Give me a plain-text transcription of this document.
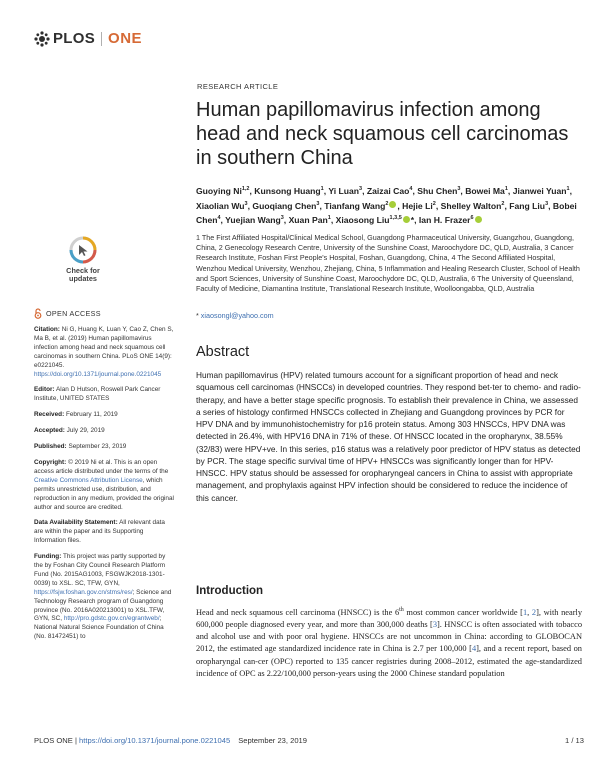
PLOS ONE
RESEARCH ARTICLE
Human papillomavirus infection among head and neck squamous cell carcinomas in southern China
Guoying Ni$^{1,2}$, Kunsong Huang$^1$, Yi Luan$^3$, Zaizai Cao$^4$, Shu Chen$^3$, Bowei Ma$^1$, Jianwei Yuan$^1$, Xiaolian Wu$^3$, Guoqiang Chen$^3$, Tianfang Wang$^2$ , Hejie Li$^2$, Shelley Walton$^2$, Fang Liu$^3$, Bobei Chen$^4$, Yuejian Wang$^3$, Xuan Pan$^1$, Xiaosong Liu$^{1,3,5}$ *, Ian H. Frazer$^6$
1 The First Affiliated Hospital/Clinical Medical School, Guangdong Pharmaceutical University, Guangzhou, Guangdong, China, 2 Genecology Research Centre, University of the Sunshine Coast, Maroochydore DC, QLD, Australia, 3 Cancer Research Institute, Foshan First People's Hospital, Foshan, Guangdong, China, 4 The Second Affiliated Hospital, Wenzhou Medical University, Wenzhou, Zhejiang, China, 5 Inflammation and Healing Research Cluster, School of Health and Sport Sciences, University of Sunshine Coast, Maroochydore DC, QLD, Australia, 6 The University of Queensland, Faculty of Medicine, Diamantina Institute, Translational Research Institute, Woolloongabba, QLD, Australia
* xiaosongl@yahoo.com
Check for
updates
OPEN ACCESS
Citation: Ni G, Huang K, Luan Y, Cao Z, Chen S, Ma B, et al. (2019) Human papillomavirus infection among head and neck squamous cell carcinomas in southern China. PLoS ONE 14(9): e0221045. https://doi.org/10.1371/journal.pone.0221045
Editor: Alan D Hutson, Roswell Park Cancer Institute, UNITED STATES
Received: February 11, 2019
Accepted: July 29, 2019
Published: September 23, 2019
Copyright: © 2019 Ni et al. This is an open access article distributed under the terms of the Creative Commons Attribution License, which permits unrestricted use, distribution, and reproduction in any medium, provided the original author and source are credited.
Data Availability Statement: All relevant data are within the paper and its Supporting Information files.
Funding: This project was partly supported by the by Foshan City Council Research Platform Fund (No. 2015AG1003, FSGWJK2018-1301-0039) to XSL. SC, TFW, GYN, https://fsjw.foshan.gov.cn/stms/res/; Science and Technology Research program of Guangdong province (No. 2016A020213001) to XSL.TFW, GYN, SC, http://pro.gdstc.gov.cn/egrantweb/; National Natural Science Foundation of China (No. 81472451) to
Abstract

Human papillomavirus (HPV) related tumours account for a significant proportion of head and neck squamous cell carcinomas (HNSCCs) in developed countries. They respond bet-ter to chemo- and radio-therapy, and have a better stage specific prognosis. To establish their prevalence in China, we assessed a series of histology confirmed HNSCCs collected in Zhejiang and Guangdong provinces by PCR for HPV DNA and by immunohistochemistry for p16 protein status. Among 303 HNSCCs, HPV DNA was detected in 26.4%, with HPV16 DNA in 71% of these. Of HNSCC located in the oropharynx, 38.55% (32/83) were HPV+ve. In this series, p16 status was a relatively poor predictor of HPV status as detected by PCR. The stage specific survival time of HPV+ HNSCCs was significantly longer than for HPV- HNSCC. HPV status should be assessed for oropharyngeal cancers in China to assist with appropriate management, and prophylaxis against HPV infection should be considered to reduce the incidence of this cancer.

Introduction

Head and neck squamous cell carcinoma (HNSCC) is the 6th most common cancer worldwide [1, 2], with nearly 600,000 people diagnosed every year, and more than 300,000 deaths [3]. HNSCC is often associated with tobacco and alcohol use and with poor oral hygiene. HNSCCs are not uncommon in China: according to GLOBOCAN 2012, the estimated age standardized incidence rate in China is 2.7 per 100,000 [4], and a recent report, based on oropharyngal can-cer (OPC) reported to 135 cancer registries during 2008–2012, estimated the age-standardized incidence of OPC as 2.22/100,000 person-years using the 2000 Chinese standard population

PLOS ONE | https://doi.org/10.1371/journal.pone.0221045 September 23, 2019	1 / 13
